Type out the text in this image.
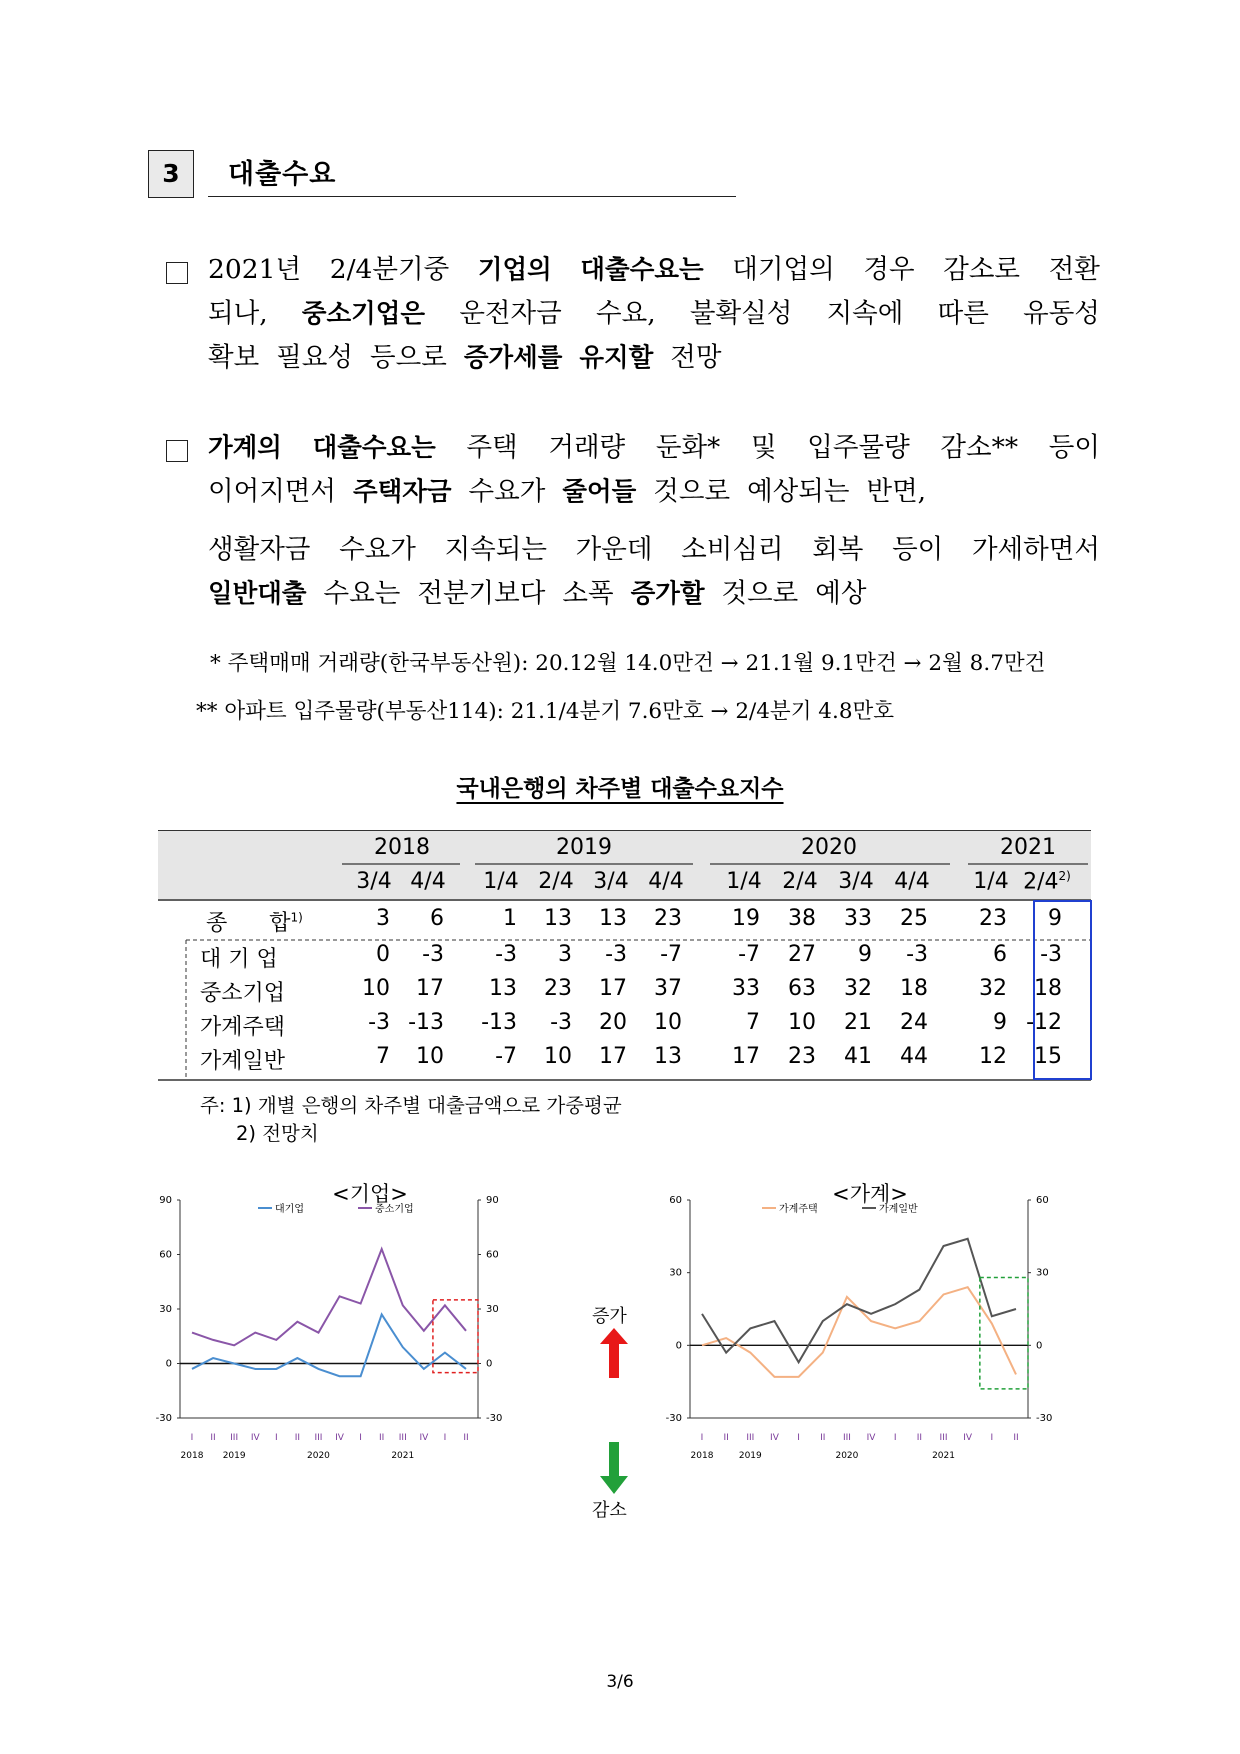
3	대출수요
2021년 2/4분기중 기업의 대출수요는 대기업의 경우 감소로 전환
되나, 중소기업은 운전자금 수요, 불확실성 지속에 따른 유동성
확보 필요성 등으로 증가세를 유지할 전망
가계의 대출수요는 주택 거래량 둔화* 및 입주물량 감소** 등이
이어지면서 주택자금 수요가 줄어들 것으로 예상되는 반면,
생활자금 수요가 지속되는 가운데 소비심리 회복 등이 가세하면서
일반대출 수요는 전분기보다 소폭 증가할 것으로 예상
* 주택매매 거래량(한국부동산원): 20.12월 14.0만건 → 21.1월 9.1만건 → 2월 8.7만건
** 아파트 입주물량(부동산114): 21.1/4분기 7.6만호 → 2/4분기 4.8만호
국내은행의 차주별 대출수요지수
2018	2019	2020	2021
3/4 4/4	1/4 2/4 3/4 4/4	1/4 2/4 3/4 4/4	1/4 2/4$^{2)}$
종      합$^{1)}$	3	6	1	13	13	23	19	38	33	25	23	9
대 기 업	0	-3	-3	3	-3	-7	-7	27	9	-3	6	-3
중소기업	10	17	13	23	17	37	33	63	32	18	32	18
가계주택	-3 -13	-13	-3	20	10	7	10	21	24	9 -12
가계일반	7	10	-7	10	17	13	17	23	41	44	12	15
주: 1) 개별 은행의 차주별 대출금액으로 가중평균
2) 전망치
<기업>	<가계>
-30	-30
0	0
30	30
60	60
90	90
I II III IV I II III IV I II III IV I II
2018 2019	2020	2021
대기업	중소기업
-30	-30
0	0
30	30
60	60
I II III IV I II III IV I II III IV I II
2018	2019	2020	2021
가계주택	가계일반
증가
감소
3/6
